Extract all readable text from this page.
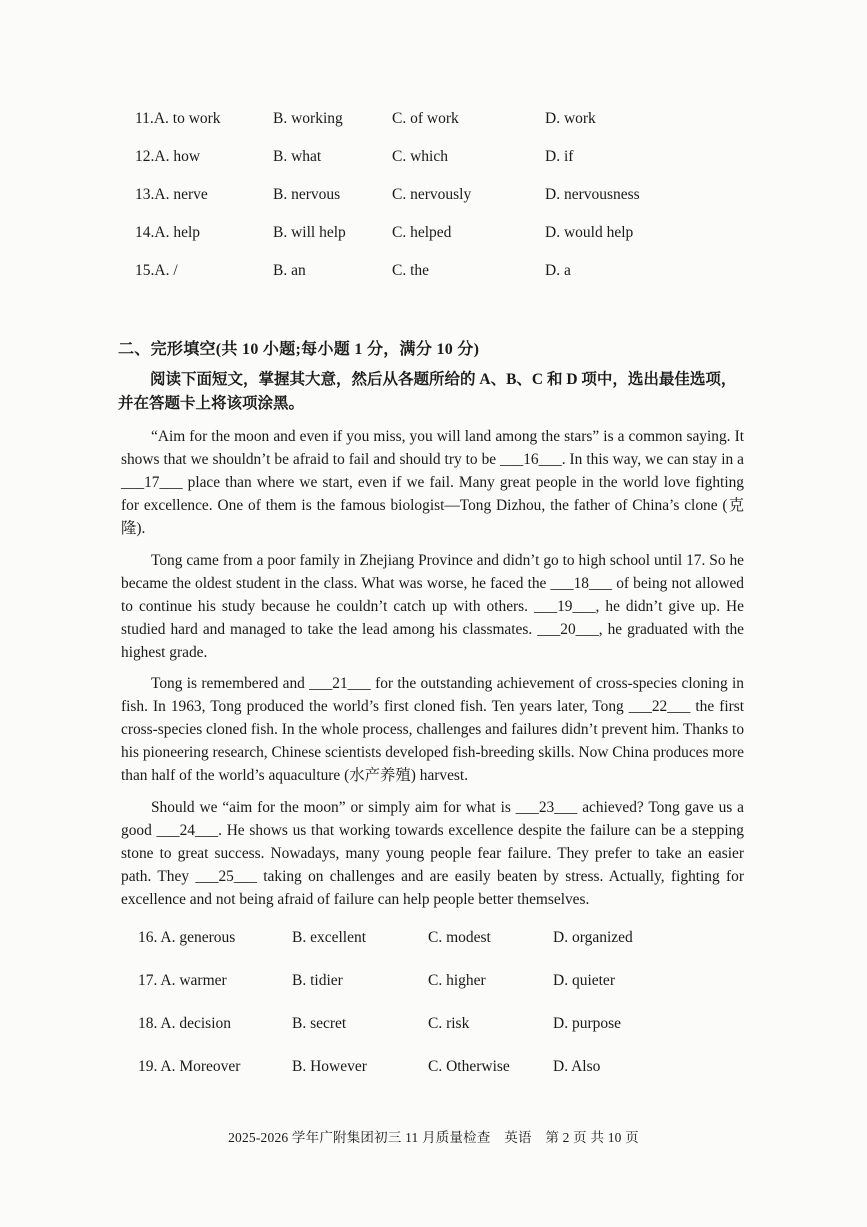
11.A. to work	B. working	C. of work	D. work
12.A. how	B. what	C. which	D. if
13.A. nerve	B. nervous	C. nervously	D. nervousness
14.A. help	B. will help	C. helped	D. would help
15.A. /	B. an	C. the	D. a
二、完形填空(共 10 小题;每小题 1 分，满分 10 分)
阅读下面短文，掌握其大意，然后从各题所给的 A、B、C 和 D 项中，选出最佳选项，
并在答题卡上将该项涂黑。
“Aim for the moon and even if you miss, you will land among the stars” is a common saying. It shows that we shouldn’t be afraid to fail and should try to be ___16___. In this way, we can stay in a ___17___ place than where we start, even if we fail. Many great people in the world love fighting for excellence. One of them is the famous biologist—Tong Dizhou, the father of China’s clone (克隆).
Tong came from a poor family in Zhejiang Province and didn’t go to high school until 17. So he became the oldest student in the class. What was worse, he faced the ___18___ of being not allowed to continue his study because he couldn’t catch up with others. ___19___, he didn’t give up. He studied hard and managed to take the lead among his classmates. ___20___, he graduated with the highest grade.
Tong is remembered and ___21___ for the outstanding achievement of cross-species cloning in fish. In 1963, Tong produced the world’s first cloned fish. Ten years later, Tong ___22___ the first cross-species cloned fish. In the whole process, challenges and failures didn’t prevent him. Thanks to his pioneering research, Chinese scientists developed fish-breeding skills. Now China produces more than half of the world’s aquaculture (水产养殖) harvest.
Should we “aim for the moon” or simply aim for what is ___23___ achieved? Tong gave us a good ___24___. He shows us that working towards excellence despite the failure can be a stepping stone to great success. Nowadays, many young people fear failure. They prefer to take an easier path. They ___25___ taking on challenges and are easily beaten by stress. Actually, fighting for excellence and not being afraid of failure can help people better themselves.
16. A. generous	B. excellent	C. modest	D. organized
17. A. warmer	B. tidier	C. higher	D. quieter
18. A. decision	B. secret	C. risk	D. purpose
19. A. Moreover	B. However	C. Otherwise	D. Also
2025-2026 学年广附集团初三 11 月质量检查　英语　第 2 页 共 10 页
